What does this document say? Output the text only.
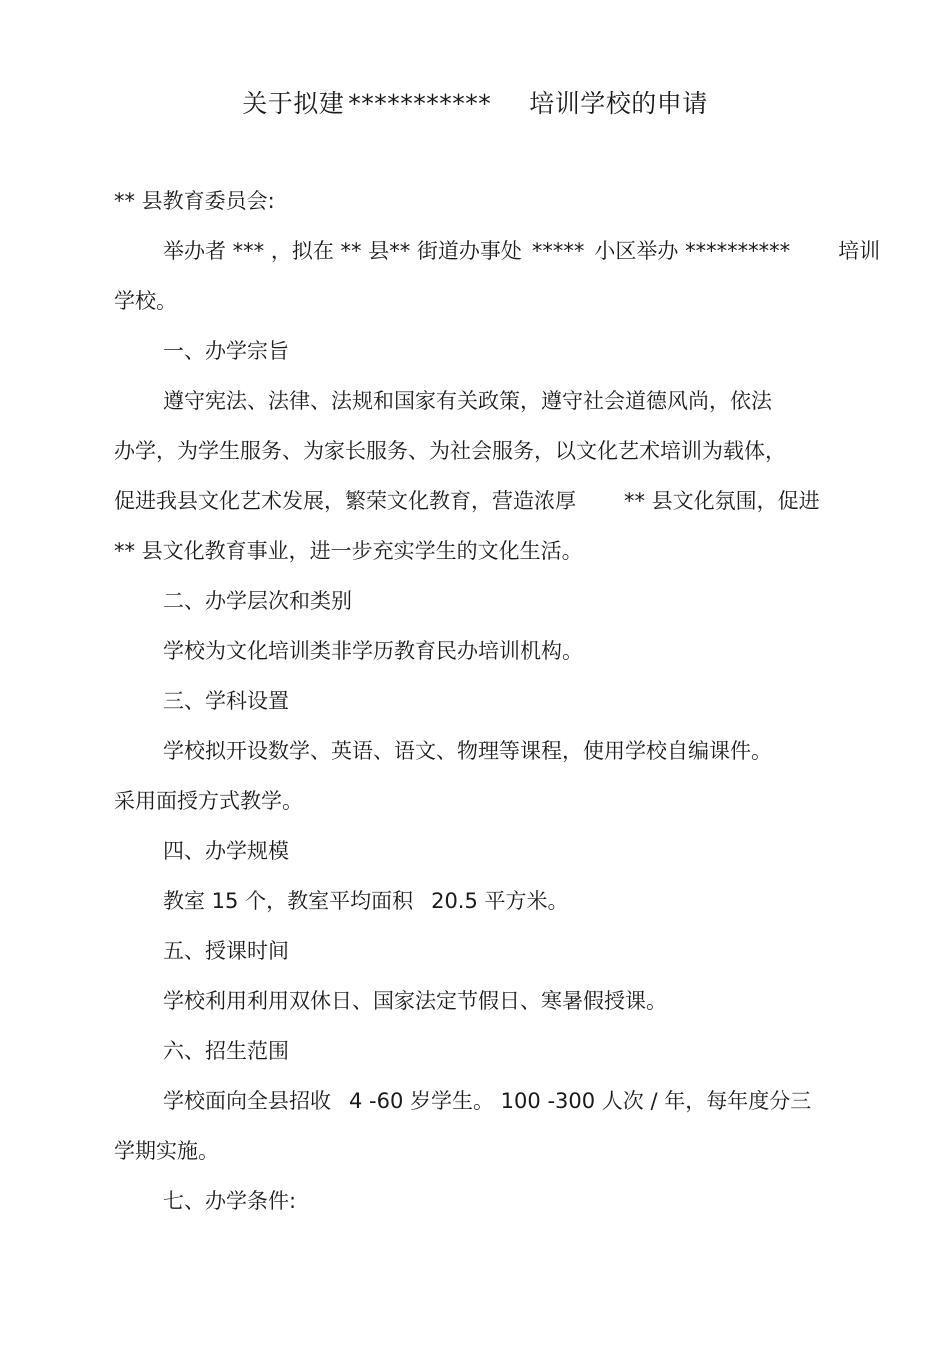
关于拟建 *********** 培训学校的申请
** 县教育委员会:
举办者 *** ，拟在 ** 县** 街道办事处 ***** 小区举办 ********** 培训
学校。
一、办学宗旨
遵守宪法、法律、法规和国家有关政策，遵守社会道德风尚，依法
办学，为学生服务、为家长服务、为社会服务，以文化艺术培训为载体，
促进我县文化艺术发展，繁荣文化教育，营造浓厚 ** 县文化氛围，促进
** 县文化教育事业，进一步充实学生的文化生活。
二、办学层次和类别
学校为文化培训类非学历教育民办培训机构。
三、学科设置
学校拟开设数学、英语、语文、物理等课程，使用学校自编课件。
采用面授方式教学。
四、办学规模
教室 15 个，教室平均面积 20.5 平方米。
五、授课时间
学校利用利用双休日、国家法定节假日、寒暑假授课。
六、招生范围
学校面向全县招收 4 -60 岁学生。 100 -300 人次 / 年，每年度分三
学期实施。
七、办学条件:
